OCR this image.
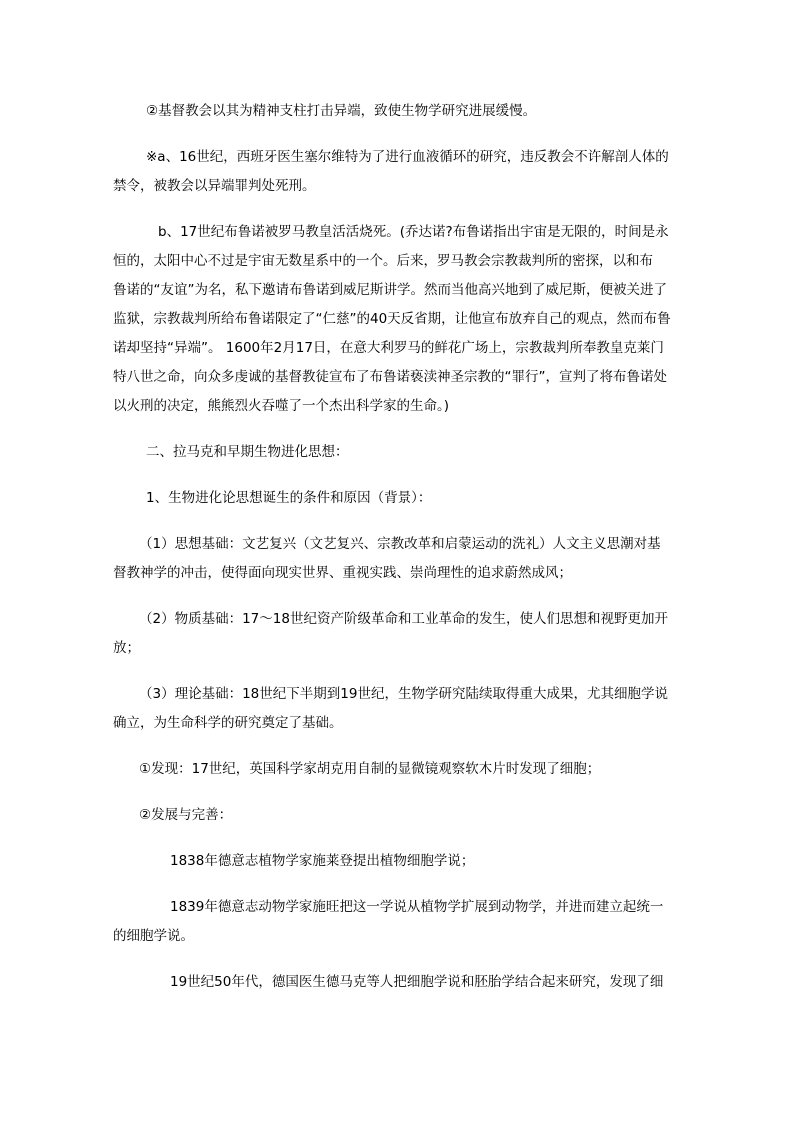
②基督教会以其为精神支柱打击异端，致使生物学研究进展缓慢。
※a、16世纪，西班牙医生塞尔维特为了进行血液循环的研究，违反教会不许解剖人体的
禁令，被教会以异端罪判处死刑。
b、17世纪布鲁诺被罗马教皇活活烧死。(乔达诺?布鲁诺指出宇宙是无限的，时间是永
恒的，太阳中心不过是宇宙无数星系中的一个。后来，罗马教会宗教裁判所的密探，以和布
鲁诺的“友谊”为名，私下邀请布鲁诺到威尼斯讲学。然而当他高兴地到了威尼斯，便被关进了
监狱，宗教裁判所给布鲁诺限定了“仁慈”的40天反省期，让他宣布放弃自己的观点，然而布鲁
诺却坚持“异端”。 1600年2月17日，在意大利罗马的鲜花广场上，宗教裁判所奉教皇克莱门
特八世之命，向众多虔诚的基督教徒宣布了布鲁诺亵渎神圣宗教的“罪行”，宣判了将布鲁诺处
以火刑的决定，熊熊烈火吞噬了一个杰出科学家的生命。)
二、拉马克和早期生物进化思想：
1、生物进化论思想诞生的条件和原因（背景）：
（1）思想基础：文艺复兴（文艺复兴、宗教改革和启蒙运动的洗礼）人文主义思潮对基
督教神学的冲击，使得面向现实世界、重视实践、崇尚理性的追求蔚然成风；
（2）物质基础：17～18世纪资产阶级革命和工业革命的发生，使人们思想和视野更加开
放；
（3）理论基础：18世纪下半期到19世纪，生物学研究陆续取得重大成果，尤其细胞学说
确立，为生命科学的研究奠定了基础。
①发现：17世纪，英国科学家胡克用自制的显微镜观察软木片时发现了细胞；
②发展与完善：
1838年德意志植物学家施莱登提出植物细胞学说；
1839年德意志动物学家施旺把这一学说从植物学扩展到动物学，并进而建立起统一
的细胞学说。
19世纪50年代，德国医生德马克等人把细胞学说和胚胎学结合起来研究，发现了细
